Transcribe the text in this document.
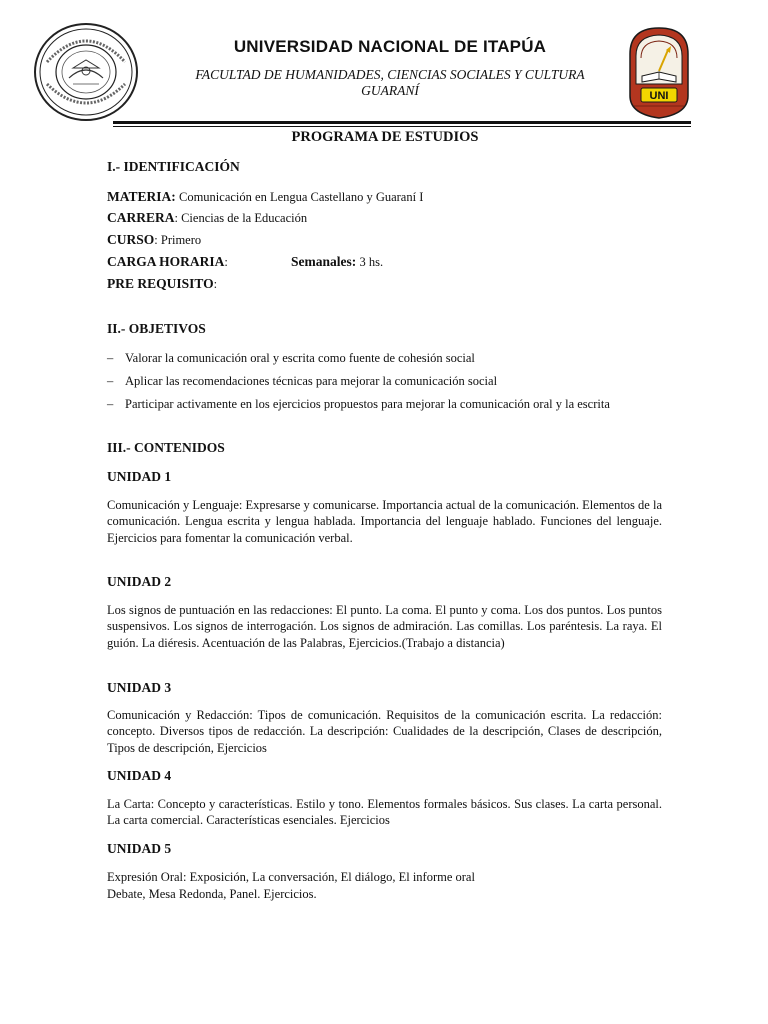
UNIVERSIDAD NACIONAL DE ITAPÚA
FACULTAD DE HUMANIDADES, CIENCIAS SOCIALES Y CULTURA
GUARANÍ	UNI
PROGRAMA DE ESTUDIOS
I.- IDENTIFICACIÓN
MATERIA: Comunicación en Lengua Castellano y Guaraní I
CARRERA: Ciencias de la Educación
CURSO: Primero
CARGA HORARIA:	Semanales: 3 hs.
PRE REQUISITO:
II.- OBJETIVOS
– Valorar la comunicación oral y escrita como fuente de cohesión social
– Aplicar las recomendaciones técnicas para mejorar la comunicación social
– Participar activamente en los ejercicios propuestos para mejorar la comunicación oral y la escrita
III.- CONTENIDOS
UNIDAD 1
Comunicación y Lenguaje: Expresarse y comunicarse. Importancia actual de la comunicación. Elementos de la comunicación. Lengua escrita y lengua hablada. Importancia del lenguaje hablado. Funciones del lenguaje. Ejercicios para fomentar la comunicación verbal.
UNIDAD 2
Los signos de puntuación en las redacciones: El punto. La coma. El punto y coma. Los dos puntos. Los puntos suspensivos. Los signos de interrogación. Los signos de admiración. Las comillas. Los paréntesis. La raya. El guión. La diéresis. Acentuación de las Palabras, Ejercicios.(Trabajo a distancia)
UNIDAD 3
Comunicación y Redacción: Tipos de comunicación. Requisitos de la comunicación escrita. La redacción: concepto. Diversos tipos de redacción. La descripción: Cualidades de la descripción, Clases de descripción, Tipos de descripción, Ejercicios
UNIDAD 4
La Carta: Concepto y características. Estilo y tono. Elementos formales básicos. Sus clases. La carta personal. La carta comercial. Características esenciales. Ejercicios
UNIDAD 5
Expresión Oral: Exposición, La conversación, El diálogo, El informe oral
Debate, Mesa Redonda, Panel. Ejercicios.
